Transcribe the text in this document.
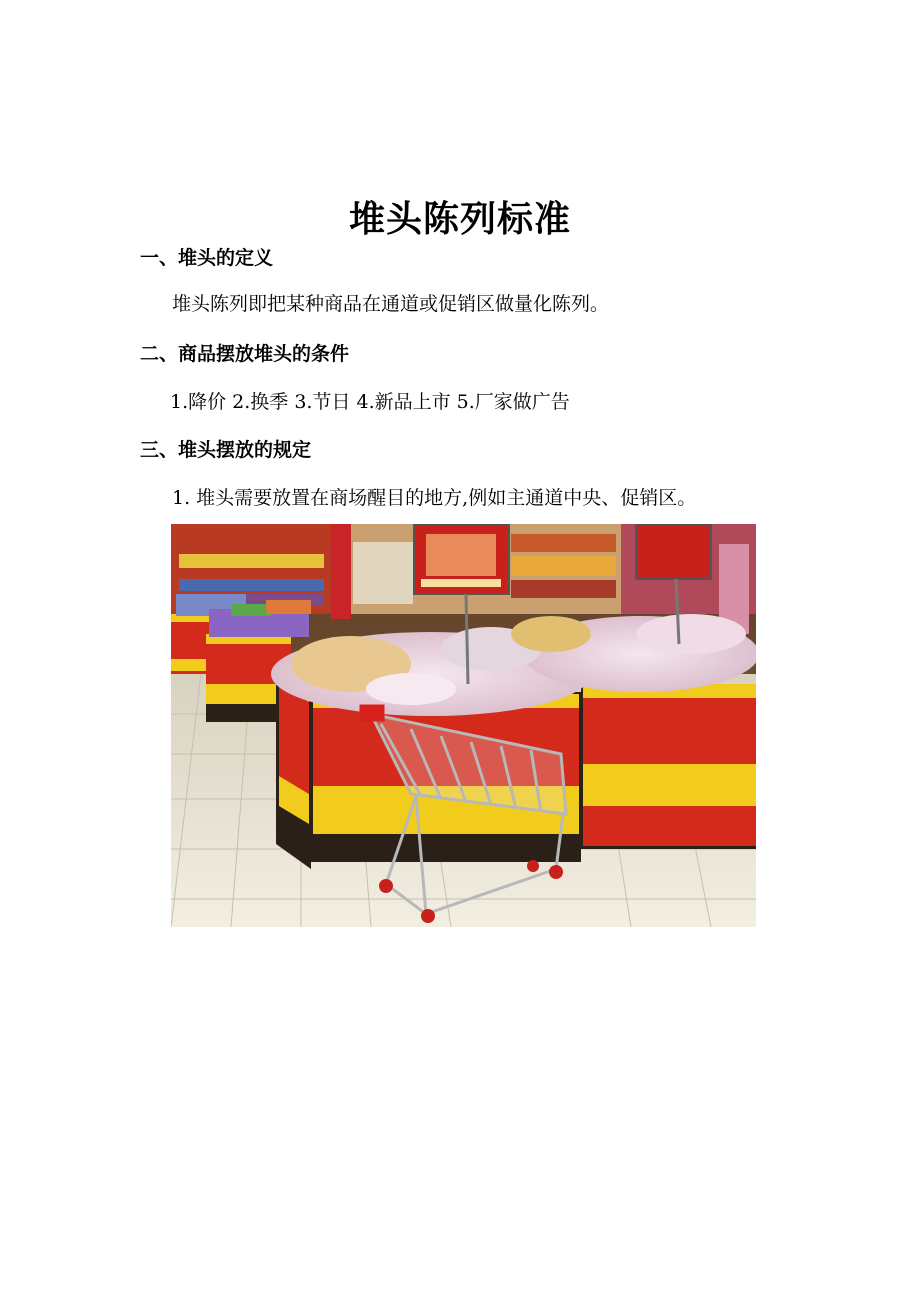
堆头陈列标准
一、堆头的定义
堆头陈列即把某种商品在通道或促销区做量化陈列。
二、商品摆放堆头的条件
1.降价 2.换季 3.节日 4.新品上市 5.厂家做广告
三、堆头摆放的规定
1. 堆头需要放置在商场醒目的地方,例如主通道中央、促销区。
